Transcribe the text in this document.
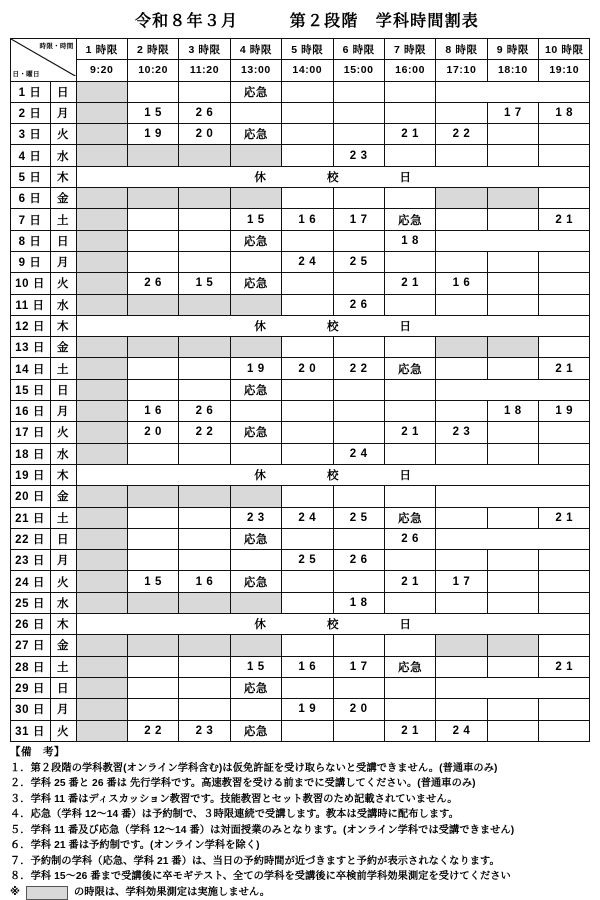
令和８年３月　　　第２段階　学科時間割表
時限・時間
日・曜日		1 時限	2 時限	3 時限	4 時限	5 時限	6 時限	7 時限	8 時限	9 時限	10 時限
		9:20	10:20	11:20	13:00	14:00	15:00	16:00	17:10	18:10	19:10
1 日	日				応急						
2 日	月		1 5	2 6						1 7	1 8
3 日	火		1 9	2 0	応急			2 1	2 2		
4 日	水						2 3				
5 日	木	休　　　　　校　　　　　日									
6 日	金										
7 日	土				1 5	1 6	1 7	応急			2 1
8 日	日				応急			1 8			
9 日	月					2 4	2 5				
10 日	火		2 6	1 5	応急			2 1	1 6		
11 日	水						2 6				
12 日	木	休　　　　　校　　　　　日									
13 日	金										
14 日	土				1 9	2 0	2 2	応急			2 1
15 日	日				応急						
16 日	月		1 6	2 6						1 8	1 9
17 日	火		2 0	2 2	応急			2 1	2 3		
18 日	水						2 4				
19 日	木	休　　　　　校　　　　　日									
20 日	金										
21 日	土				2 3	2 4	2 5	応急			2 1
22 日	日				応急			2 6			
23 日	月					2 5	2 6				
24 日	火		1 5	1 6	応急			2 1	1 7		
25 日	水						1 8				
26 日	木	休　　　　　校　　　　　日									
27 日	金										
28 日	土				1 5	1 6	1 7	応急			2 1
29 日	日				応急						
30 日	月					1 9	2 0				
31 日	火		2 2	2 3	応急			2 1	2 4		
【備　考】
１．第２段階の学科教習(オンライン学科含む)は仮免許証を受け取らないと受講できません。(普通車のみ)
２．学科 25 番と 26 番は 先行学科です。高速教習を受ける前までに受講してください。(普通車のみ)
３．学科 11 番はディスカッション教習です。技能教習とセット教習のため記載されていません。
４．応急（学科 12～14 番）は予約制で、３時限連続で受講します。教本は受講時に配布します。
５．学科 11 番及び応急（学科 12～14 番）は対面授業のみとなります。(オンライン学科では受講できません)
６．学科 21 番は予約制です。(オンライン学科を除く)
７．予約制の学科（応急、学科 21 番）は、当日の予約時間が近づきますと予約が表示されなくなります。
８．学科 15～26 番まで受講後に卒モギテスト、全ての学科を受講後に卒検前学科効果測定を受けてください
※	の時限は、学科効果測定は実施しません。
